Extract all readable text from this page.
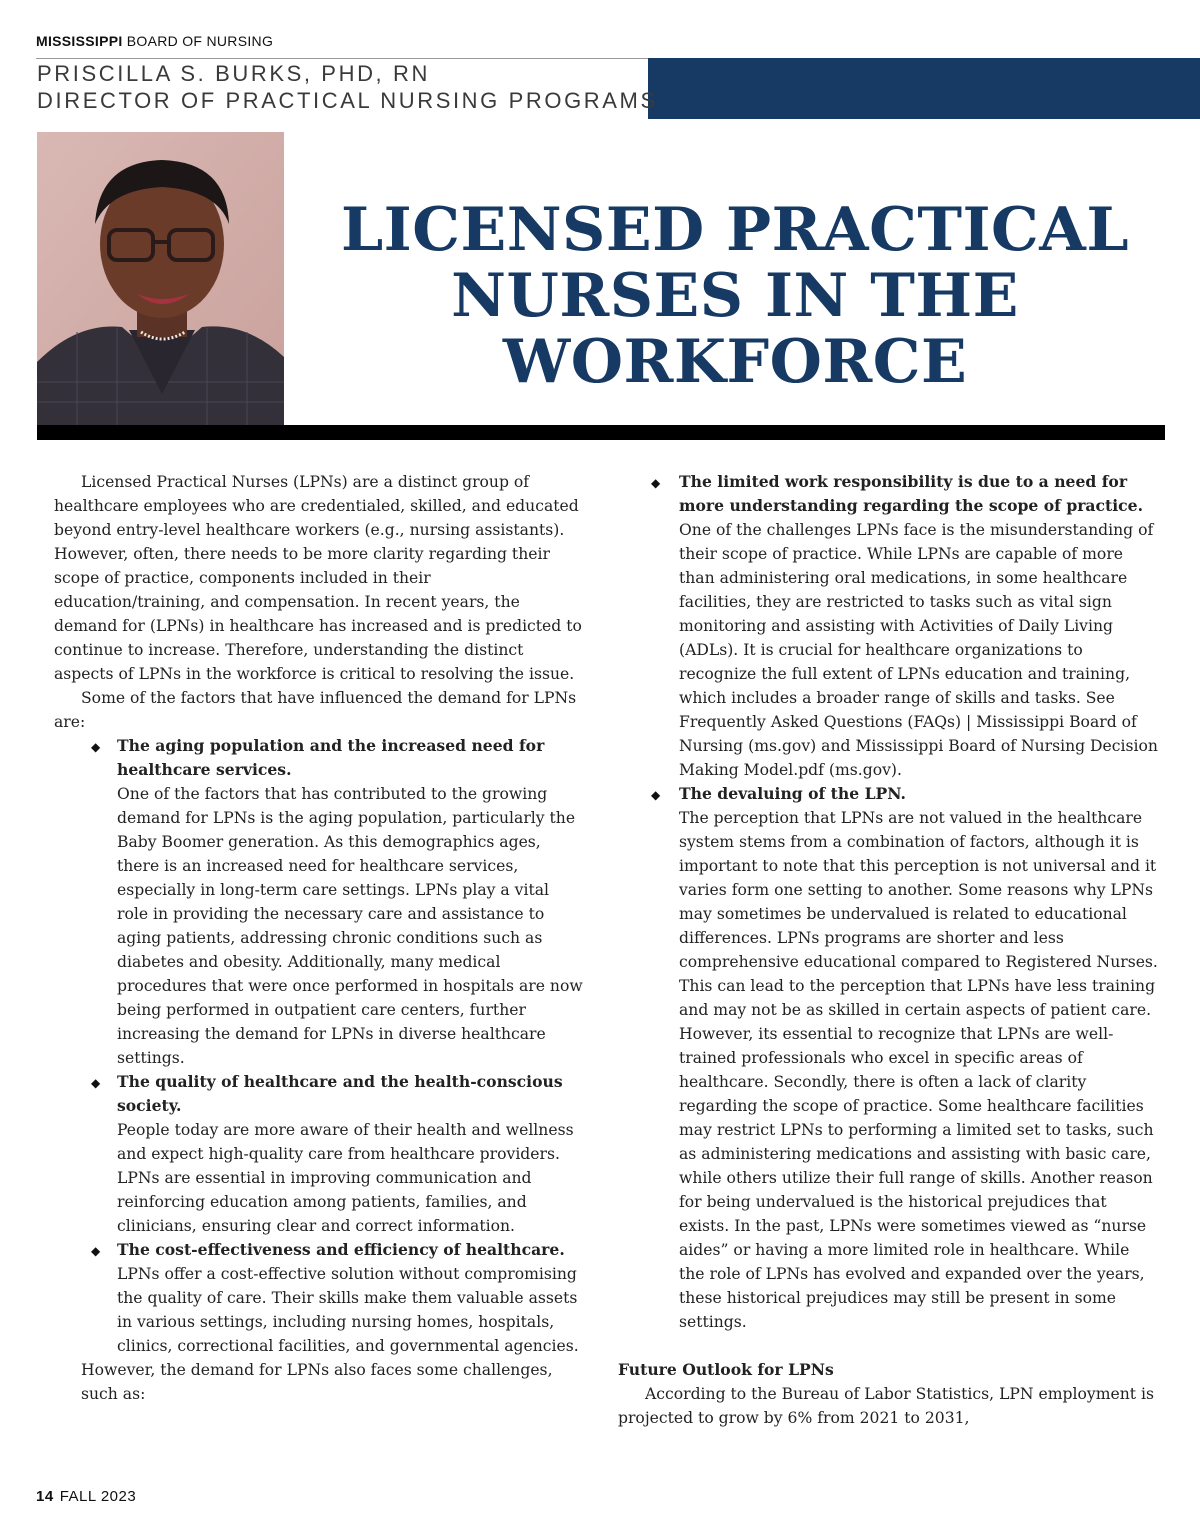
MISSISSIPPI BOARD OF NURSING
PRISCILLA S. BURKS, PHD, RN
DIRECTOR OF PRACTICAL NURSING PROGRAMS
LICENSED PRACTICAL
NURSES IN THE
WORKFORCE

Licensed Practical Nurses (LPNs) are a distinct group of healthcare employees who are credentialed, skilled, and educated beyond entry-level healthcare workers (e.g., nursing assistants). However, often, there needs to be more clarity regarding their scope of practice, components included in their education/training, and compensation. In recent years, the demand for (LPNs) in healthcare has increased and is predicted to continue to increase. Therefore, understanding the distinct aspects of LPNs in the workforce is critical to resolving the issue.

Some of the factors that have influenced the demand for LPNs are:

◆ The aging population and the increased need for healthcare services.

One of the factors that has contributed to the growing demand for LPNs is the aging population, particularly the Baby Boomer generation. As this demographics ages, there is an increased need for healthcare services, especially in long-term care settings. LPNs play a vital role in providing the necessary care and assistance to aging patients, addressing chronic conditions such as diabetes and obesity. Additionally, many medical procedures that were once performed in hospitals are now being performed in outpatient care centers, further increasing the demand for LPNs in diverse healthcare settings.

◆ The quality of healthcare and the health-conscious society.

People today are more aware of their health and wellness and expect high-quality care from healthcare providers. LPNs are essential in improving communication and reinforcing education among patients, families, and clinicians, ensuring clear and correct information.

◆ The cost-effectiveness and efficiency of healthcare.

LPNs offer a cost-effective solution without compromising the quality of care. Their skills make them valuable assets in various settings, including nursing homes, hospitals, clinics, correctional facilities, and governmental agencies.

However, the demand for LPNs also faces some challenges, such as:

◆ The limited work responsibility is due to a need for more understanding regarding the scope of practice.

One of the challenges LPNs face is the misunderstanding of their scope of practice. While LPNs are capable of more than administering oral medications, in some healthcare facilities, they are restricted to tasks such as vital sign monitoring and assisting with Activities of Daily Living (ADLs). It is crucial for healthcare organizations to recognize the full extent of LPNs education and training, which includes a broader range of skills and tasks. See Frequently Asked Questions (FAQs) | Mississippi Board of Nursing (ms.gov) and Mississippi Board of Nursing Decision Making Model.pdf (ms.gov).

◆ The devaluing of the LPN.

The perception that LPNs are not valued in the healthcare system stems from a combination of factors, although it is important to note that this perception is not universal and it varies form one setting to another. Some reasons why LPNs may sometimes be undervalued is related to educational differences. LPNs programs are shorter and less comprehensive educational compared to Registered Nurses. This can lead to the perception that LPNs have less training and may not be as skilled in certain aspects of patient care. However, its essential to recognize that LPNs are well-trained professionals who excel in specific areas of healthcare. Secondly, there is often a lack of clarity regarding the scope of practice. Some healthcare facilities may restrict LPNs to performing a limited set to tasks, such as administering medications and assisting with basic care, while others utilize their full range of skills. Another reason for being undervalued is the historical prejudices that exists. In the past, LPNs were sometimes viewed as “nurse aides” or having a more limited role in healthcare. While the role of LPNs has evolved and expanded over the years, these historical prejudices may still be present in some settings.

Future Outlook for LPNs

According to the Bureau of Labor Statistics, LPN employment is projected to grow by 6% from 2021 to 2031,

14 FALL 2023
